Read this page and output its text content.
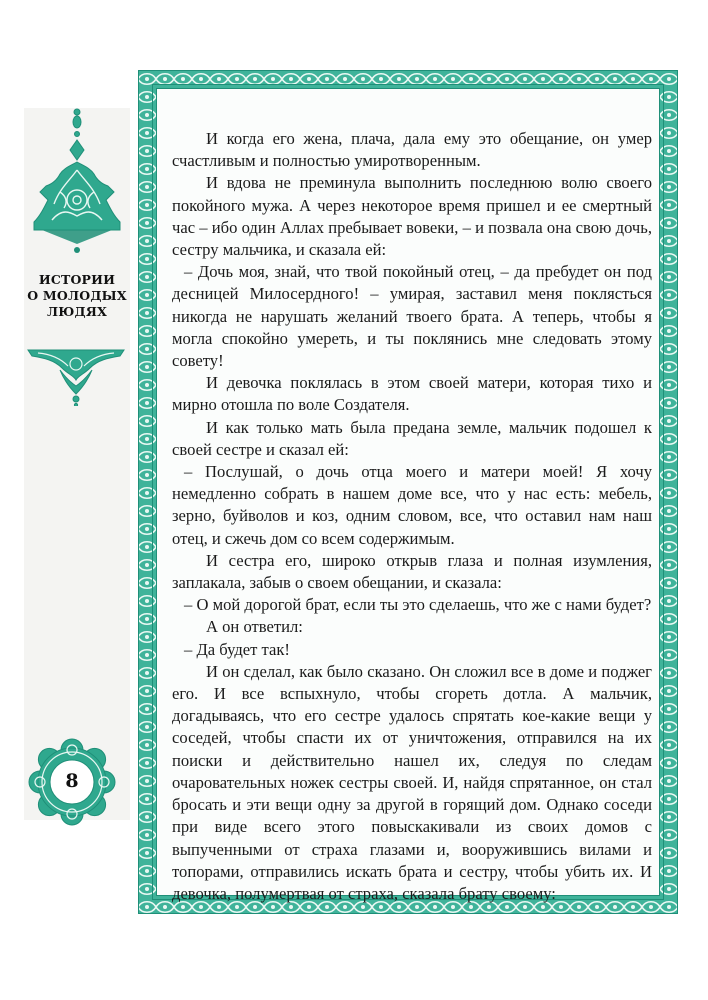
ИСТОРИИ
О МОЛОДЫХ
ЛЮДЯХ
8

И когда его жена, плача, дала ему это обещание, он умер счастливым и полностью умиротворенным.

И вдова не преминула выполнить последнюю волю своего покойного мужа. А через некоторое время пришел и ее смертный час – ибо один Аллах пребывает вовеки, – и позвала она свою дочь, сестру мальчика, и сказала ей:

– Дочь моя, знай, что твой покойный отец, – да пребудет он под десницей Милосердного! – умирая, заставил меня поклясться никогда не нарушать желаний твоего брата. А теперь, чтобы я могла спокойно умереть, и ты поклянись мне следовать этому совету!

И девочка поклялась в этом своей матери, которая тихо и мирно отошла по воле Создателя.

И как только мать была предана земле, мальчик подошел к своей сестре и сказал ей:

– Послушай, о дочь отца моего и матери моей! Я хочу немедленно собрать в нашем доме все, что у нас есть: мебель, зерно, буйволов и коз, одним словом, все, что оставил нам наш отец, и сжечь дом со всем содержимым.

И сестра его, широко открыв глаза и полная изумления, заплакала, забыв о своем обещании, и сказала:

– О мой дорогой брат, если ты это сделаешь, что же с нами будет?

А он ответил:

– Да будет так!

И он сделал, как было сказано. Он сложил все в доме и поджег его. И все вспыхнуло, чтобы сгореть дотла. А мальчик, догадываясь, что его сестре удалось спрятать кое-какие вещи у соседей, чтобы спасти их от уничтожения, отправился на их поиски и действительно нашел их, следуя по следам очаровательных ножек сестры своей. И, найдя спрятанное, он стал бросать и эти вещи одну за другой в горящий дом. Однако соседи при виде всего этого повыскакивали из своих домов с выпученными от страха глазами и, вооружившись вилами и топорами, отправились искать брата и сестру, чтобы убить их. И девочка, полумертвая от страха, сказала брату своему:
